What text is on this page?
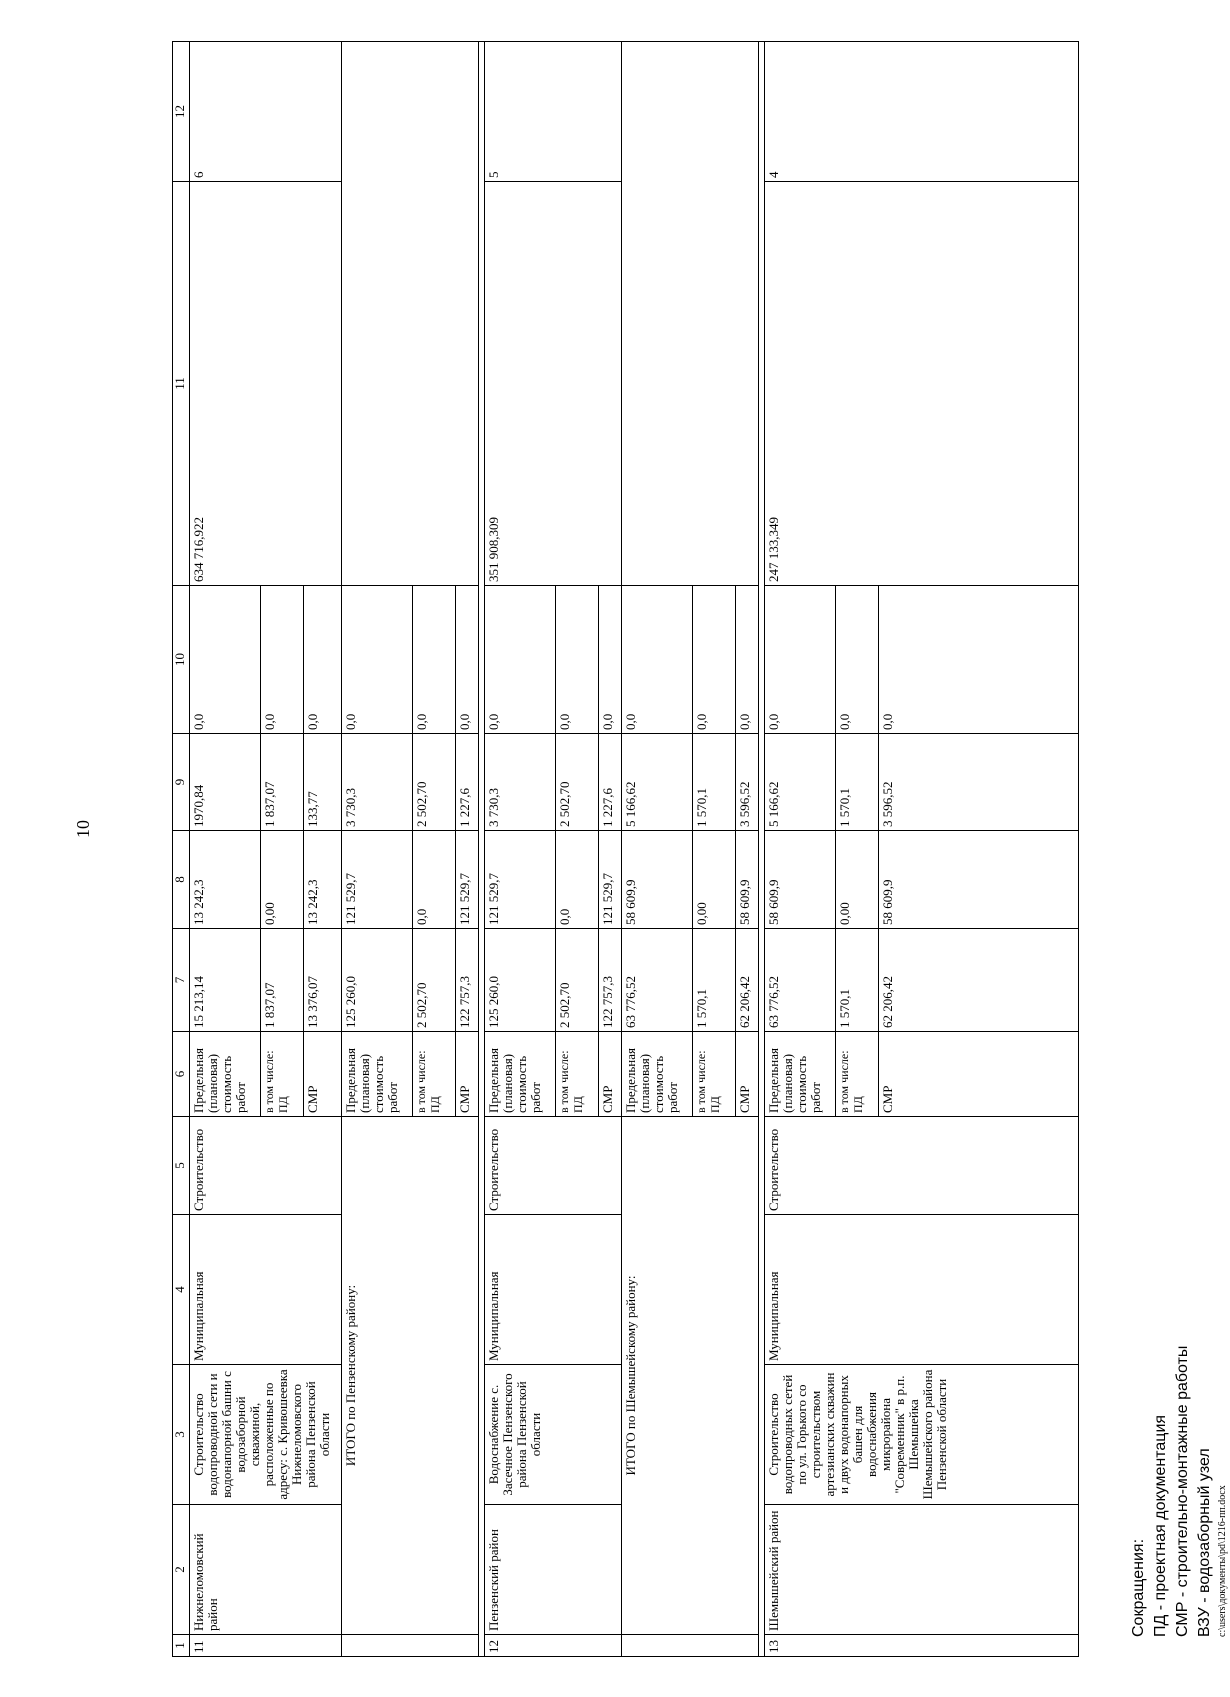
10
1	2	3	4	5	6	7	8	9	10	11	12
11	Нижнеломовский район	Строительство водопроводной сети и водонапорной башни с водозаборной скважиной, расположенные по адресу: с. Кривошеевка Нижнеломовского района Пензенской области	Муниципальная	Строительство	Предельная (плановая) стоимость работ	15 213,14	13 242,3	1970,84	0,0	634 716,922	6
					в том числе: ПД	1 837,07	0,00	1 837,07	0,0		
					СМР	13 376,07	13 242,3	133,77	0,0		
	ИТОГО по Пензенскому району:				Предельная (плановая) стоимость работ	125 260,0	121 529,7	3 730,3	0,0		
					в том числе: ПД	2 502,70	0,0	2 502,70	0,0		
					СМР	122 757,3	121 529,7	1 227,6	0,0		

12	Пензенский район	Водоснабжение с. Засечное Пензенского района Пензенской области	Муниципальная	Строительство	Предельная (плановая) стоимость работ	125 260,0	121 529,7	3 730,3	0,0	351 908,309	5
					в том числе: ПД	2 502,70	0,0	2 502,70	0,0		
					СМР	122 757,3	121 529,7	1 227,6	0,0		
	ИТОГО по Шемышейскому району:				Предельная (плановая) стоимость работ	63 776,52	58 609,9	5 166,62	0,0		
					в том числе: ПД	1 570,1	0,00	1 570,1	0,0		
					СМР	62 206,42	58 609,9	3 596,52	0,0		

13	Шемышейский район	Строительство водопроводных сетей по ул. Горького со строительством артезианских скважин и двух водонапорных башен для водоснабжения микрорайона "Современник" в р.п. Шемышейка Шемышейского района Пензенской области	Муниципальная	Строительство	Предельная (плановая) стоимость работ	63 776,52	58 609,9	5 166,62	0,0	247 133,349	4
					в том числе: ПД	1 570,1	0,00	1 570,1	0,0		
					СМР	62 206,42	58 609,9	3 596,52	0,0		
Сокращения: ПД - проектная документация СМР - строительно-монтажные работы ВЗУ - водозаборный узел c:\users\документы\pd\1216-пп.docx
